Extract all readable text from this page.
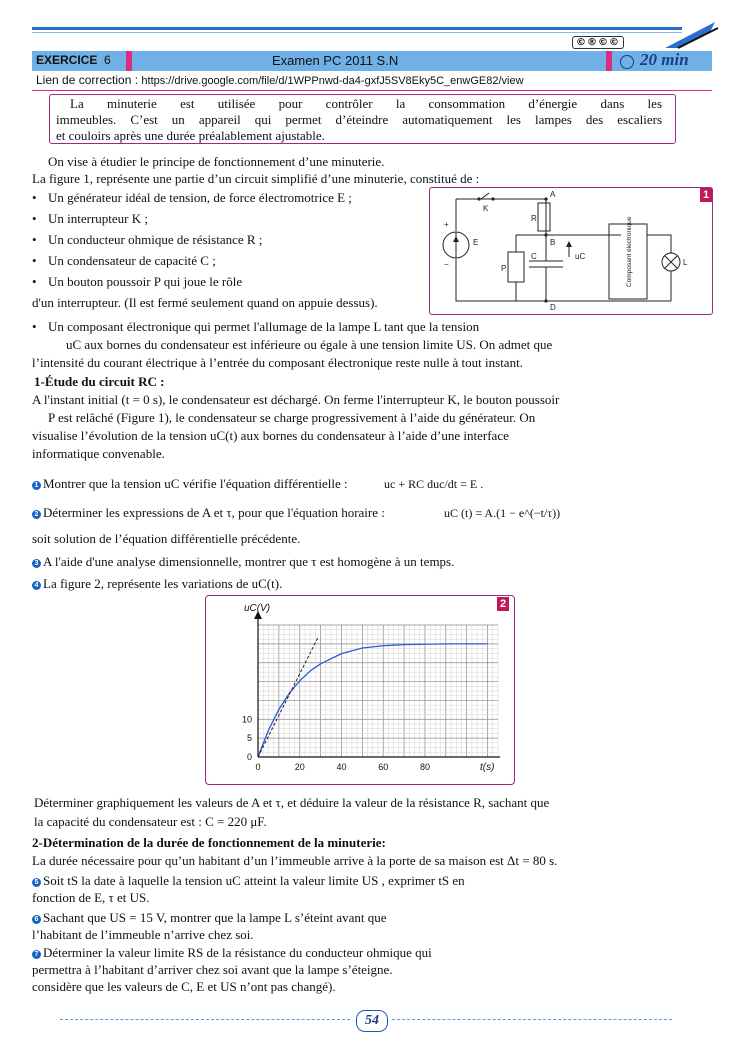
©®©©
EXERCICE 6	Examen PC 2011 S.N	20 min
Lien de correction : https://drive.google.com/file/d/1WPPnwd-da4-gxfJ5SV8Eky5C_enwGE82/view
La minuterie est utilisée pour contrôler la consommation d’énergie dans les
immeubles. C’est un appareil qui permet d’éteindre automatiquement les lampes des escaliers
et couloirs après une durée préalablement ajustable.
On vise à étudier le principe de fonctionnement d’une minuterie.
La figure 1, représente une partie d’un circuit simplifié d’une minuterie, constitué de :
• Un générateur idéal de tension, de force électromotrice E ;
• Un interrupteur K ;
• Un conducteur ohmique de résistance R ;
• Un condensateur de capacité C ;
• Un bouton poussoir P qui joue le rôle
d'un interrupteur. (Il est fermé seulement quand on appuie dessus).
1
K
A
R
E	B
C
P
uC
D
L
+
−	Composant électronique
• Un composant électronique qui permet l'allumage de la lampe L tant que la tension
uC aux bornes du condensateur est inférieure ou égale à une tension limite US. On admet que
l’intensité du courant électrique à l’entrée du composant électronique reste nulle à tout instant.
1-Étude du circuit RC :
A l'instant initial (t = 0 s), le condensateur est déchargé. On ferme l'interrupteur K, le bouton poussoir
P est relâché (Figure 1), le condensateur se charge progressivement à l’aide du générateur. On
visualise l’évolution de la tension uC(t) aux bornes du condensateur à l’aide d’une interface
informatique convenable.
1 Montrer que la tension uC vérifie l'équation différentielle :	uc + RC duc/dt = E .
2 Déterminer les expressions de A et τ, pour que l'équation horaire :	uC (t) = A.(1 − e^(−t/τ))
soit solution de l’équation différentielle précédente.
3 A l'aide d'une analyse dimensionnelle, montrer que τ est homogène à un temps.
4 La figure 2, représente les variations de uC(t).
2
0	20	40	60	80
0
5
10
uC(V)
t(s)
Déterminer graphiquement les valeurs de A et τ, et déduire la valeur de la résistance R, sachant que
la capacité du condensateur est : C = 220 μF.
2-Détermination de la durée de fonctionnement de la minuterie:
La durée nécessaire pour qu’un habitant d’un l’immeuble arrive à la porte de sa maison est Δt = 80 s.
5 Soit tS la date à laquelle la tension uC atteint la valeur limite US , exprimer tS en
fonction de E, τ et US.
6 Sachant que US = 15 V, montrer que la lampe L s’éteint avant que
l’habitant de l’immeuble n’arrive chez soi.
7 Déterminer la valeur limite RS de la résistance du conducteur ohmique qui
permettra à l’habitant d’arriver chez soi avant que la lampe s’éteigne.
considère que les valeurs de C, E et US n’ont pas changé).
54
